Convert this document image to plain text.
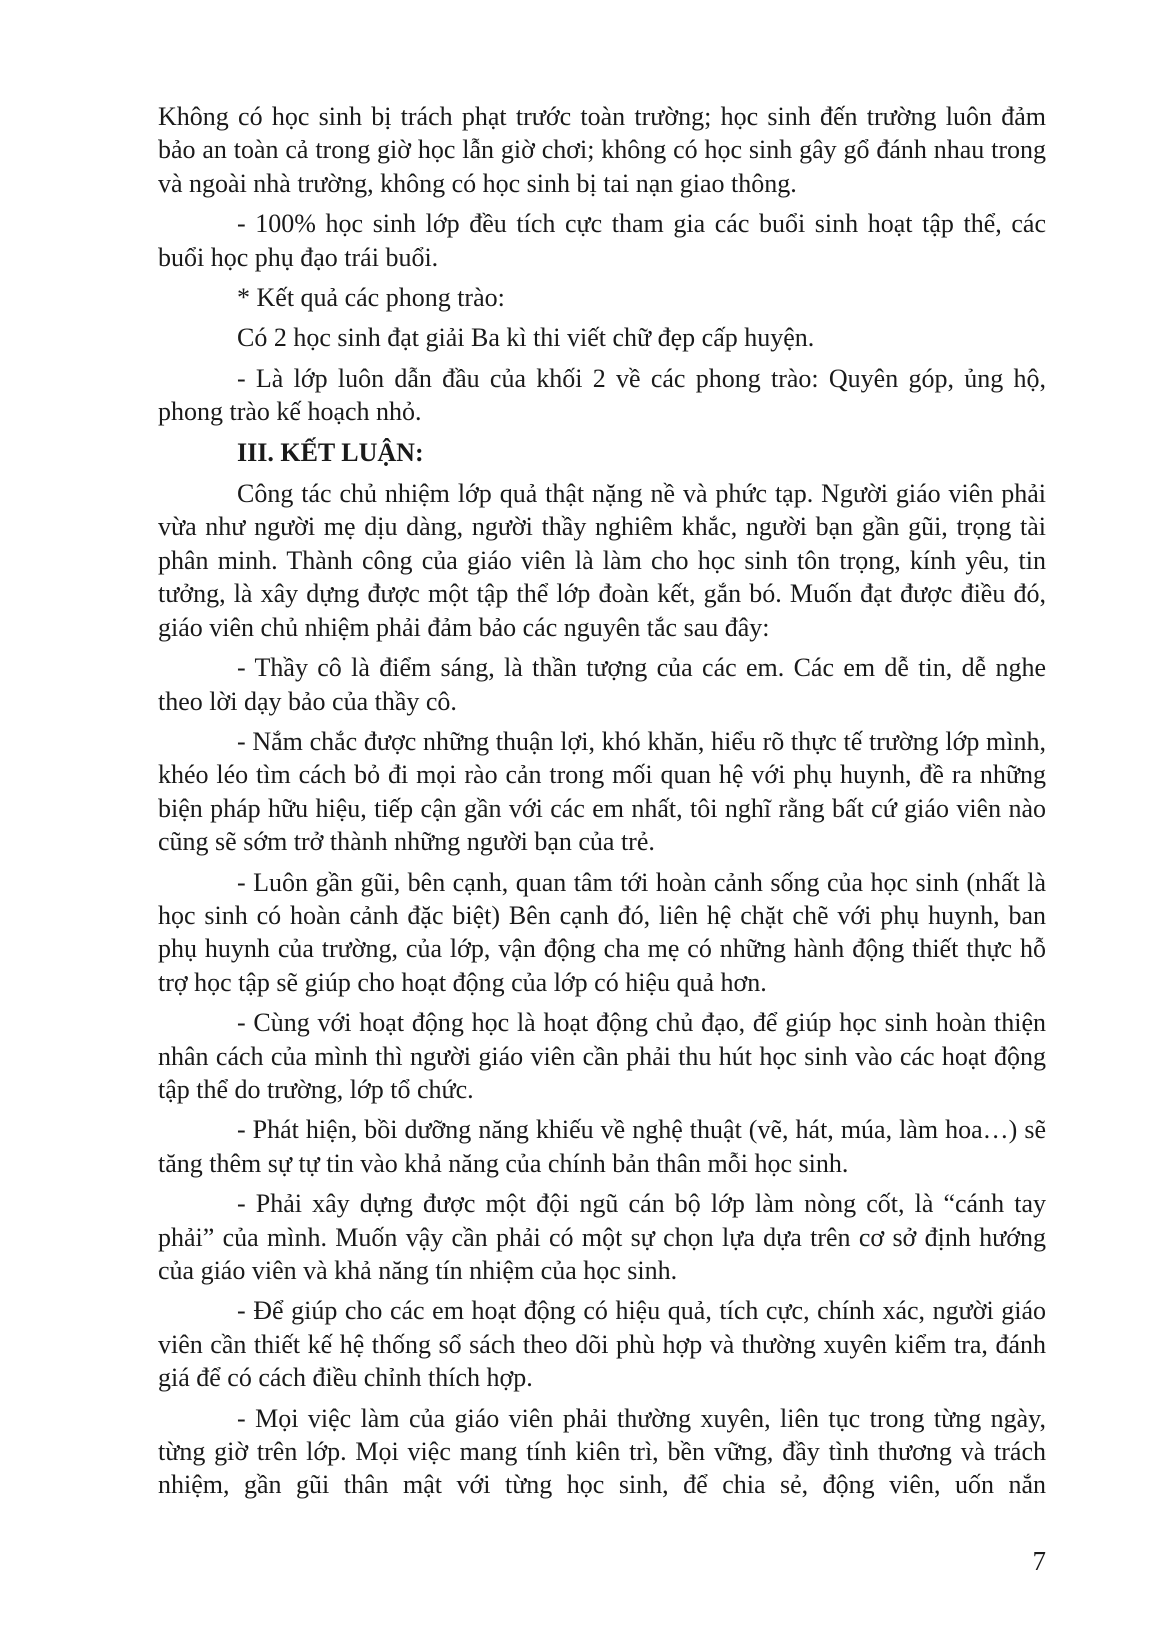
Không có học sinh bị trách phạt trước toàn trường; học sinh đến trường luôn đảm bảo an toàn cả trong giờ học lẫn giờ chơi; không có học sinh gây gổ đánh nhau trong và ngoài nhà trường, không có học sinh bị tai nạn giao thông.

- 100% học sinh lớp đều tích cực tham gia các buổi sinh hoạt tập thể, các buổi học phụ đạo trái buổi.

* Kết quả các phong trào:

Có 2 học sinh đạt giải Ba kì thi viết chữ đẹp cấp huyện.

- Là lớp luôn dẫn đầu của khối 2 về các phong trào: Quyên góp, ủng hộ, phong trào kế hoạch nhỏ.

III. KẾT LUẬN:

Công tác chủ nhiệm lớp quả thật nặng nề và phức tạp. Người giáo viên phải vừa như người mẹ dịu dàng, người thầy nghiêm khắc, người bạn gần gũi, trọng tài phân minh. Thành công của giáo viên là làm cho học sinh tôn trọng, kính yêu, tin tưởng, là xây dựng được một tập thể lớp đoàn kết, gắn bó. Muốn đạt được điều đó, giáo viên chủ nhiệm phải đảm bảo các nguyên tắc sau đây:

- Thầy cô là điểm sáng, là thần tượng của các em. Các em dễ tin, dễ nghe theo lời dạy bảo của thầy cô.

- Nắm chắc được những thuận lợi, khó khăn, hiểu rõ thực tế trường lớp mình, khéo léo tìm cách bỏ đi mọi rào cản trong mối quan hệ với phụ huynh, đề ra những biện pháp hữu hiệu, tiếp cận gần với các em nhất, tôi nghĩ rằng bất cứ giáo viên nào cũng sẽ sớm trở thành những người bạn của trẻ.

- Luôn gần gũi, bên cạnh, quan tâm tới hoàn cảnh sống của học sinh (nhất là học sinh có hoàn cảnh đặc biệt) Bên cạnh đó, liên hệ chặt chẽ với phụ huynh, ban phụ huynh của trường, của lớp, vận động cha mẹ có những hành động thiết thực hỗ trợ học tập sẽ giúp cho hoạt động của lớp có hiệu quả hơn.

- Cùng với hoạt động học là hoạt động chủ đạo, để giúp học sinh hoàn thiện nhân cách của mình thì người giáo viên cần phải thu hút học sinh vào các hoạt động tập thể do trường, lớp tổ chức.

- Phát hiện, bồi dưỡng năng khiếu về nghệ thuật (vẽ, hát, múa, làm hoa…) sẽ tăng thêm sự tự tin vào khả năng của chính bản thân mỗi học sinh.

- Phải xây dựng được một đội ngũ cán bộ lớp làm nòng cốt, là “cánh tay phải” của mình. Muốn vậy cần phải có một sự chọn lựa dựa trên cơ sở định hướng của giáo viên và khả năng tín nhiệm của học sinh.

- Để giúp cho các em hoạt động có hiệu quả, tích cực, chính xác, người giáo viên cần thiết kế hệ thống sổ sách theo dõi phù hợp và thường xuyên kiểm tra, đánh giá để có cách điều chỉnh thích hợp.

- Mọi việc làm của giáo viên phải thường xuyên, liên tục trong từng ngày, từng giờ trên lớp. Mọi việc mang tính kiên trì, bền vững, đầy tình thương và trách nhiệm, gần gũi thân mật với từng học sinh, để chia sẻ, động viên, uốn nắn

7
